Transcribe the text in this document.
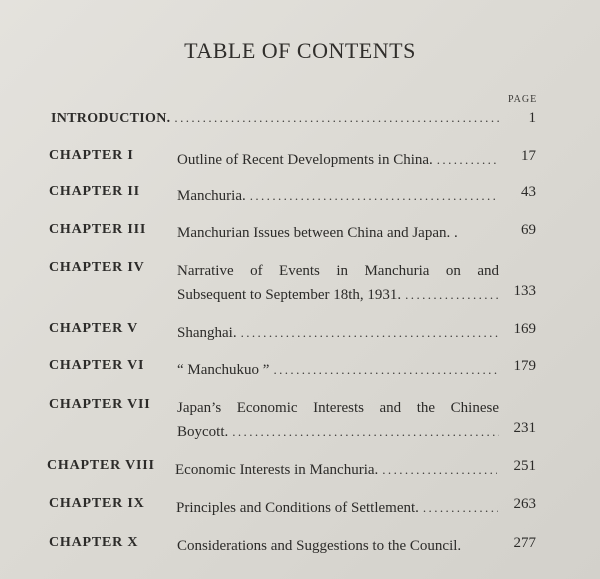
TABLE OF CONTENTS
PAGE
INTRODUCTION. .....	1
CHAPTER I	Outline of Recent Developments in China. .....	17
CHAPTER II Manchuria. .....	43
CHAPTER III Manchurian Issues between China and Japan. .	69
CHAPTER IV Narrative of Events in Manchuria on and
Subsequent to September 18th, 1931. .....	133
CHAPTER V	Shanghai. .....	169
CHAPTER VI “ Manchukuo ” .....	179
CHAPTER VII Japan’s Economic Interests and the Chinese
Boycott. .....	231
CHAPTER VIII Economic Interests in Manchuria. .....	251
CHAPTER IX Principles and Conditions of Settlement. .....	263
CHAPTER X	Considerations and Suggestions to the Council.	277
